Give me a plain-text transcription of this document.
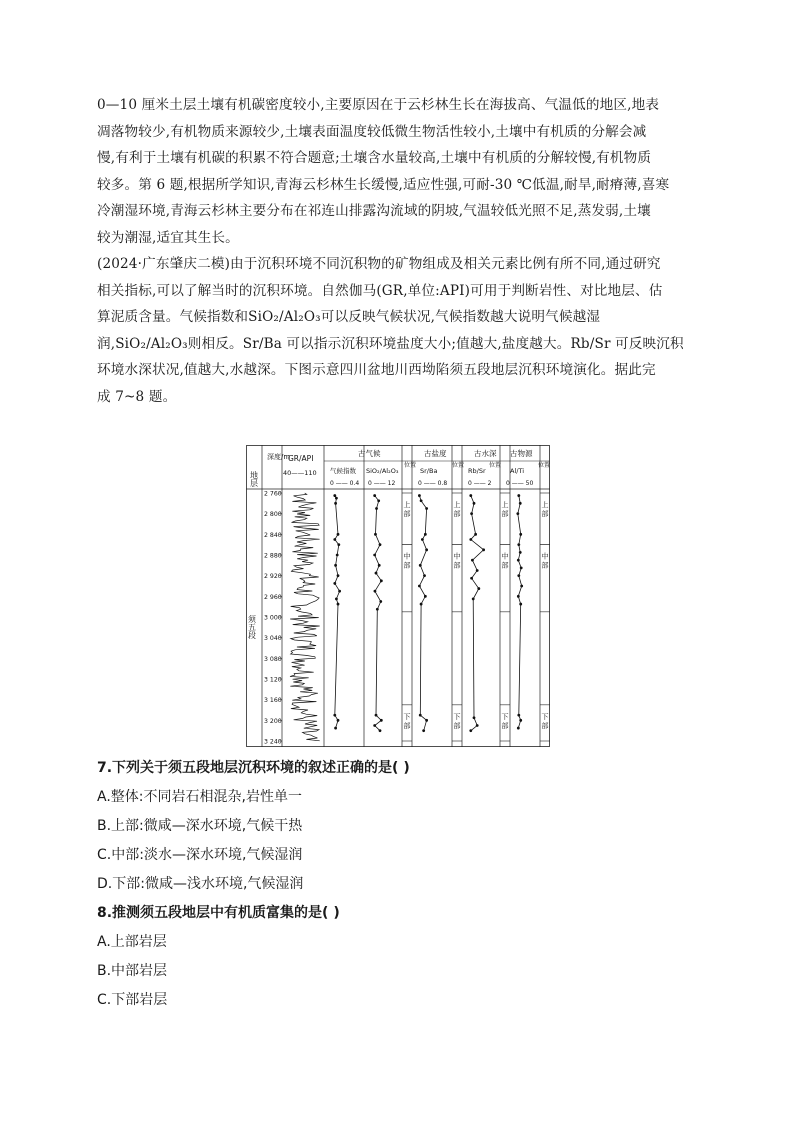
0—10 厘米土层土壤有机碳密度较小,主要原因在于云杉林生长在海拔高、气温低的地区,地表
凋落物较少,有机物质来源较少,土壤表面温度较低微生物活性较小,土壤中有机质的分解会减
慢,有利于土壤有机碳的积累不符合题意;土壤含水量较高,土壤中有机质的分解较慢,有机物质
较多。第 6 题,根据所学知识,青海云杉林生长缓慢,适应性强,可耐-30 ℃低温,耐旱,耐瘠薄,喜寒
冷潮湿环境,青海云杉林主要分布在祁连山排露沟流域的阴坡,气温较低光照不足,蒸发弱,土壤
较为潮湿,适宜其生长。
(2024·广东肇庆二模)由于沉积环境不同沉积物的矿物组成及相关元素比例有所不同,通过研究
相关指标,可以了解当时的沉积环境。自然伽马(GR,单位:API)可用于判断岩性、对比地层、估
算泥质含量。气候指数和SiO₂/Al₂O₃可以反映气候状况,气候指数越大说明气候越湿
润,SiO₂/Al₂O₃则相反。Sr/Ba 可以指示沉积环境盐度大小;值越大,盐度越大。Rb/Sr 可反映沉积
环境水深状况,值越大,水越深。下图示意四川盆地川西坳陷须五段地层沉积环境演化。据此完
成 7~8 题。
地层
深度/m
GR/API
40——110
古气候
气候指数
0 —— 0.4
SiO₂/Al₂O₃
0 —— 12
古盐度
Sr/Ba
0 —— 0.8
古水深
Rb/Sr
0 —— 2
古物源
Al/Ti
0 —— 50
位置	位置	位置	位置
须五段
2 760
2 800
2 840
2 880
2 920
2 960
3 000
3 040
3 080
3 120
3 160
3 200
3 240
上
部
上
部
上
部
上
部
中
部
中
部
中
部
中
部
下
部
下
部
下
部
下
部
7.下列关于须五段地层沉积环境的叙述正确的是( )
A.整体:不同岩石相混杂,岩性单一
B.上部:微咸—深水环境,气候干热
C.中部:淡水—深水环境,气候湿润
D.下部:微咸—浅水环境,气候湿润
8.推测须五段地层中有机质富集的是( )
A.上部岩层
B.中部岩层
C.下部岩层
